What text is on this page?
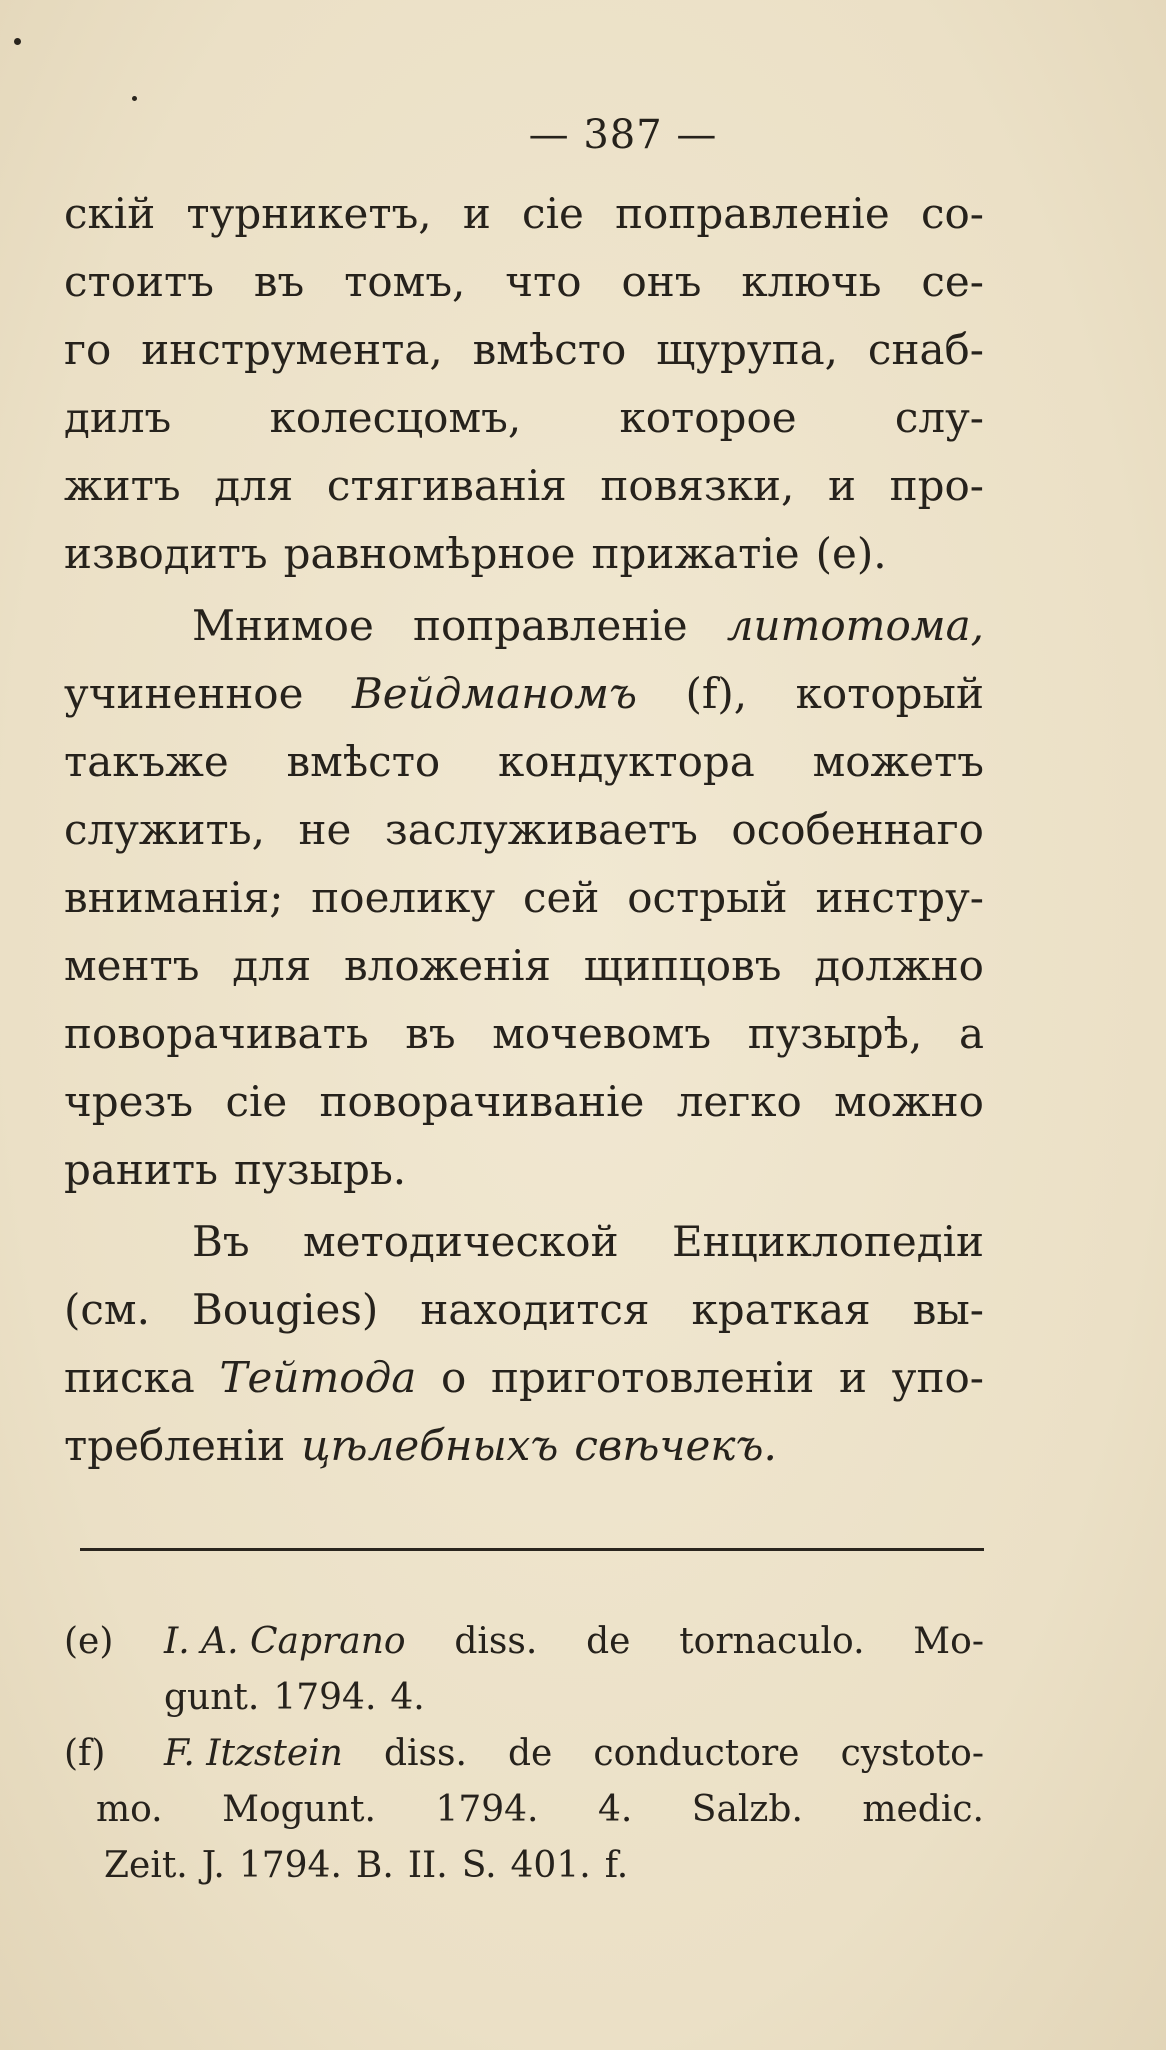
— 387 —
скій турникетъ, и сіе поправленіе со-
стоитъ въ томъ, что онъ ключь се-
го инструмента, вмѣсто щурупа, снаб-
дилъ колесцомъ, которое слу-
житъ для стягиванія повязки, и про-
изводитъ равномѣрное прижатіе (e).
Мнимое поправленіе литотома,
учиненное Вейдманомъ (f), который
такъже вмѣсто кондуктора можетъ
служить, не заслуживаетъ особеннаго
вниманія; поелику сей острый инстру-
ментъ для вложенія щипцовъ должно
поворачивать въ мочевомъ пузырѣ, а
чрезъ сіе поворачиваніе легко можно
ранить пузырь.
Въ методической Енциклопедіи
(см. Bougies) находится краткая вы-
писка Тейтода о приготовленіи и упо-
треблeніи цѣлебныхъ свѣчекъ.
(e)	I. A. Caprano diss. de tornaculo. Mo-
gunt. 1794. 4.
(f)	F. Itzstein diss. de conductore cystoto-
mo. Mogunt. 1794. 4. Salzb. medic.
Zeit. J. 1794. B. II. S. 401. f.
